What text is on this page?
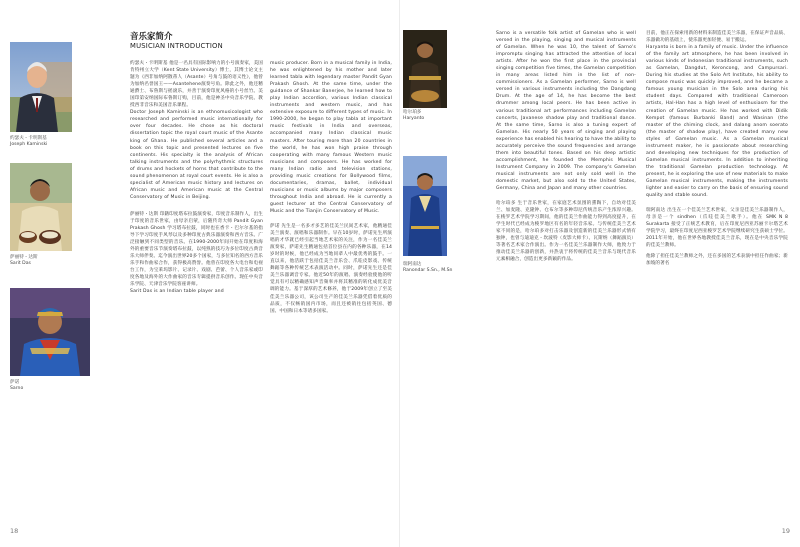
约瑟夫・卡明斯基
Joseph Kaminski
萨丽特・达斯
Sarit Das
萨诺
Sarno
音乐家简介
MUSICIAN INTRODUCTION

约瑟夫・卡明斯基 他是一名具有国际影响力的小号演奏家，美国肯特州立大学（Kent State University）博士，其博士论文主题为《西非加纳阿散蒂人（Asante）号角与鼓的语义性》，他曾为加纳名誉国王——Asantehene演奏号角。除此之外，他还精通爵士、布鲁斯与摇滚乐，并善于演奏印度风格的小号丝竹。美国印第安纳国际布鲁斯订购，目前，他是神圣中央音乐学院、教授西非音乐和美国音乐课程。

Doctor Joseph Kaminski is an ethnomusicologist who researched and performed music internationally for over four decades. He chose as his doctoral dissertation topic the royal court music of the Asante king of Ghana. He published several articles and a book on this topic and presented lectures on five continents. His specialty is the analysis of African talking instruments and the polyrhythmic structures of drums and hockets of horns that contribute to the sound phenomenon at royal court events. He is also a specialist of American music history and lectures on African music and American music at the Central Conservatory of Music in Beijing.

萨丽特・达斯 印籍印度塔布拉鼓演奏家，印度音乐制作人，出生于印度的音乐世家，由母亲启蒙，后随传奇大师 Pandit Gyan Prakash Ghosh 学习塔布拉鼓，同时也在香卡・巴尔尔基的指导下学习印度手风琴以及多种印度古典乐器演奏和西方音乐。广泛接触到不同类型的音乐。在1990-2000年间开始在印度和海外的重要音乐节演奏塔布拉鼓，以纯熟的技巧为多位印度古典音乐大师伴奏。迄今演出世界20多个国家，与多位知名的西方音乐乐手和作曲家合作，获得极高赞誉。他曾在印度各大电台和电视台工作，为宝莱坞影片、记录片、戏剧、芭蕾、个人音乐家或印度各地及海外的大作曲家的音乐专辑提供音乐创作。现任中央音乐学院、天津音乐学院客座讲师。

Sarit Das is an Indian table player and

music producer. Born in a musical family in India, he was enlightened by his mother and later learned tabla with legendary master Pandit Gyan Prakash Ghosh. At the same time, under the guidance of Shankar Banerjee, he learned how to play Indian accordion, various Indian classical instruments and western music, and has extensive exposure to different types of music. In 1990-2000, he began to play tabla at important music festivals in India and overseas, accompanied many Indian classical music masters. After touring more than 20 countries in the world, he has won high praise through cooperating with many famous Western music musicians and composers. He has worked for many Indian radio and television stations, providing music creations for Bollywood films, documentaries, dramas, ballet, individual musicians or music albums by major composers throughout India and abroad. He is currently a guest lecturer at the Central Conservatory of Music and the Tianjin Conservatory of Music.

萨诺 先生是一名多才多艺的佳美兰民间艺术家，他精通佳美兰演奏、演唱和乐器制作。早在10岁时，萨诺先生所演唱的才华就已经引起当地艺术家的关注，作为一名佳美兰演奏家，萨诺先生精通包括首位县在内的各种乐器，在14岁时的时候，他已经成为当地同辈人中最优秀的鼓手。一直以来，他活跃于包括佳美兰音乐会、爪哇皮影戏、传统舞蹈等各种传统艺术表演活动中。同时，萨诺先生还是佳美兰乐器调音专家。他近50年的演唱、演奏经验使他的听觉具有可以精确感知声音频率并将其精准的转化成优美音调的能力。基于深厚的艺术修养，他于2009年创立了至美佳美兰乐器公司，该公司生产的佳美兰乐器凭借着优质的品质，不仅畅销国内市场，而且还被销往包括英国、德国、中国和日本等诸多国家。

18
哈尔珀多
Haryanto
瑞阿南达
Ranondar S.Sn., M.Sn

Sarno is a versatile folk artist of Gamelan who is well versed in the playing, singing and musical instruments of Gamelan. When he was 10, the talent of Sarno's impromptu singing has attracted the attention of local artists. After he won the first place in the provincial singing competition five times, the Gamelan competition in many areas listed him in the list of non-commissioners. As a Gamelan performer, Sarno is well versed in various instruments including the Dangdang Drum. At the age of 14, he has become the best drummer among local peers. He has been active in various traditional art performances including Gamelan concerts, Javanese shadow play and traditional dance. At the same time, Sarno is also a tuning expert of Gamelan. His nearly 50 years of singing and playing experience has enabled his hearing to have the ability to accurately perceive the sound frequencies and arrange them into beautiful tones. Based on his deep artistic accomplishment, he founded the Memphis Musical Instrument Company in 2009. The company's Gamelan musical instruments are not only sold well in the domestic market, but also sold to the United States, Germany, China and Japan and many other countries.

哈尔珀多 生于音乐世家，在家庭艺术氛围的熏陶下，自幼对佳美兰、加麦隆、克隆钟、仓布尔等多种印尼传统音乐产生浓厚兴趣。在梭罗艺术学院学习期间，他的佳美兰作曲能力得到高度提升，在学生时代已经成为梭罗地区有名的年轻音乐家。与传统佳美兰艺术家不同的是，哈尔珀多对打击乐器及创造新的佳美兰乐器形式情有独钟，也曾与迪迪克・坎波特（皮影大师卡）、瓦斯纳（舞蹈演员）等著名艺术家合作演出。作为一名佳美兰乐器制作大师，他致力于推动佳美兰乐器的创新，并热衷于将传统的佳美兰音乐与现代音乐元素相融合，创造出更多新颖的作品。

目前，他正在探索用新的材料来制造佳美兰乐器，在保证声音品质、乐器做功的基础上，使乐器更加轻便、易于搬运。

Haryanto is born in a family of music. Under the influence of the family art atmosphere, he has been involved in various kinds of Indonesian traditional instruments, such as Gamelan, Dangdut, Keroncong, and Campursari. During his studies at the Solo Art Institute, his ability to compose music was quickly improved, and he became a famous young musician in the Solo area during his student days. Compared with traditional Cameroon artists, Hal-Han has a high level of enthusiasm for the creation of Gamelan music. He has worked with Didik Kempot (famous Burbanki Band) and Wasinan (the master of the chiming clock, and dalang anom soerato (the master of shadow play), have created many new styles of Gamelan music. As a Gamelan musical instrument maker, he is passionate about researching and developing new techniques for the production of Gamelan musical instruments. In addition to inheriting the traditional Gamelan production technology. At present, he is exploring the use of new materials to make Gamelan musical instruments, making the instruments lighter and easier to carry on the basis of ensuring sound quality and stable sound.

瑞阿南达 出生在一个佳美兰艺术世家，父亲是佳美兰乐器制作人，母亲是一个 sindhen（爪哇佳美兰歌手）。他在 SMK N 8 Surakarta 接受了正统艺术教育，后在印度尼西亚苏丽卡尔塔艺术学院学习，最终在印度尼西亚梭罗艺术学院继续研究生获硕士学位。2011年开始，他在世界各地教授佳美兰音乐，现在是中央音乐学院的佳美兰教师。

他除了担任佳美兰教师之外，还在多国的艺术表演中担任作曲家；新加坡的著名

19
